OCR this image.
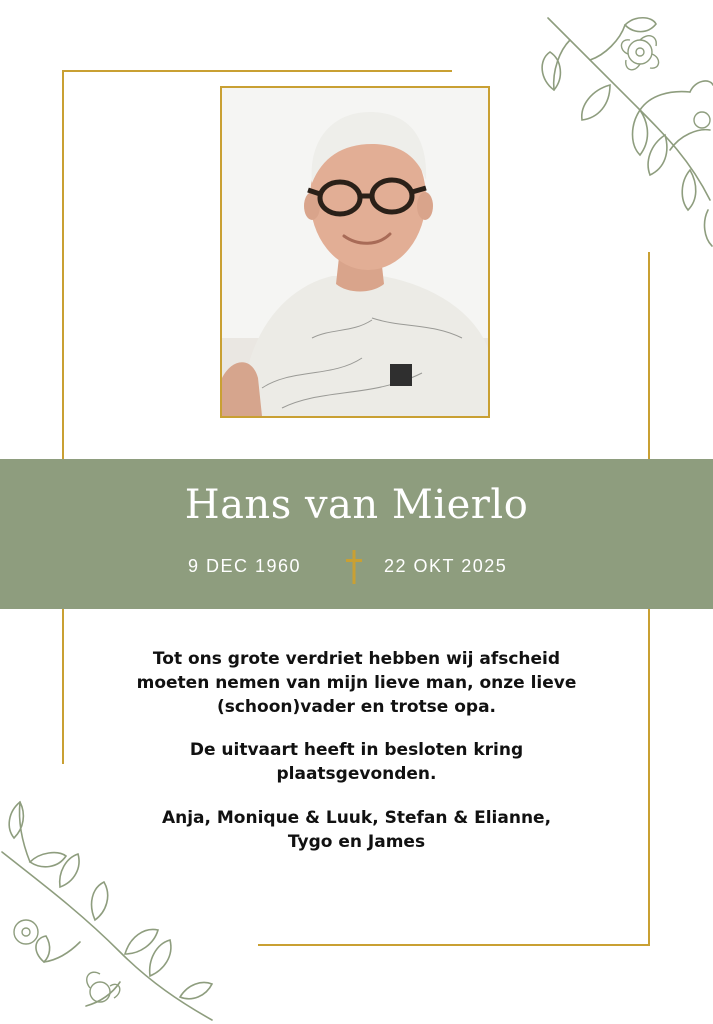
Hans van Mierlo
9 DEC 1960	22 OKT 2025
Tot ons grote verdriet hebben wij afscheid
moeten nemen van mijn lieve man, onze lieve
(schoon)vader en trotse opa.
De uitvaart heeft in besloten kring
plaatsgevonden.
Anja, Monique & Luuk, Stefan & Elianne,
Tygo en James
